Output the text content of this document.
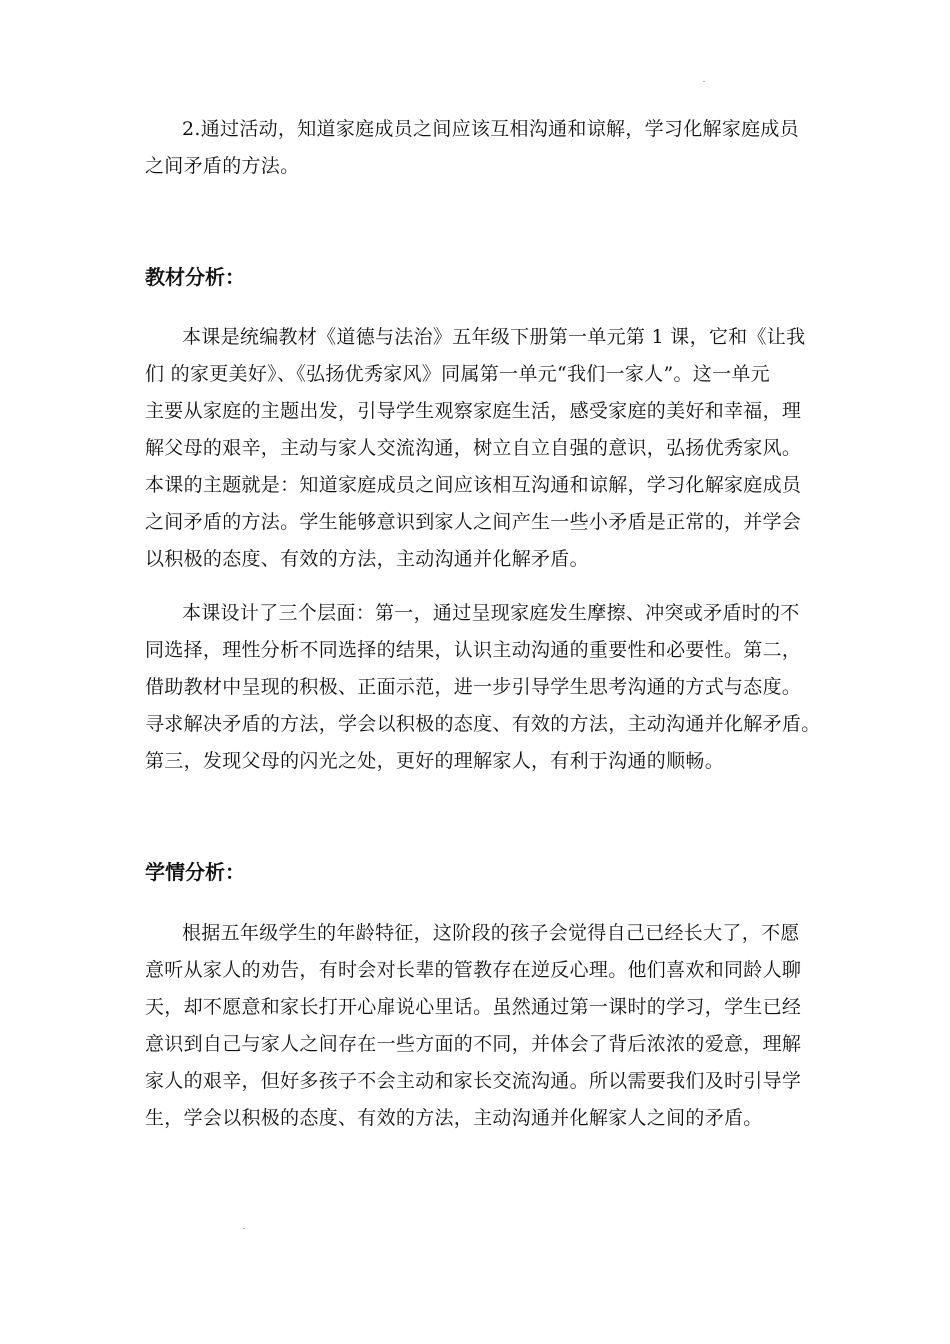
2.通过活动，知道家庭成员之间应该互相沟通和谅解，学习化解家庭成员
之间矛盾的方法。
教材分析：
本课是统编教材《道德与法治》五年级下册第一单元第 1 课，它和《让我
们 的家更美好》、《弘扬优秀家风》同属第一单元“我们一家人”。这一单元
主要从家庭的主题出发，引导学生观察家庭生活，感受家庭的美好和幸福，理
解父母的艰辛，主动与家人交流沟通，树立自立自强的意识，弘扬优秀家风。
本课的主题就是：知道家庭成员之间应该相互沟通和谅解，学习化解家庭成员
之间矛盾的方法。学生能够意识到家人之间产生一些小矛盾是正常的，并学会
以积极的态度、有效的方法，主动沟通并化解矛盾。
本课设计了三个层面：第一，通过呈现家庭发生摩擦、冲突或矛盾时的不
同选择，理性分析不同选择的结果，认识主动沟通的重要性和必要性。第二，
借助教材中呈现的积极、正面示范，进一步引导学生思考沟通的方式与态度。
寻求解决矛盾的方法，学会以积极的态度、有效的方法，主动沟通并化解矛盾。
第三，发现父母的闪光之处，更好的理解家人，有利于沟通的顺畅。
学情分析：
根据五年级学生的年龄特征，这阶段的孩子会觉得自己已经长大了，不愿
意听从家人的劝告，有时会对长辈的管教存在逆反心理。他们喜欢和同龄人聊
天，却不愿意和家长打开心扉说心里话。虽然通过第一课时的学习，学生已经
意识到自己与家人之间存在一些方面的不同，并体会了背后浓浓的爱意，理解
家人的艰辛，但好多孩子不会主动和家长交流沟通。所以需要我们及时引导学
生，学会以积极的态度、有效的方法，主动沟通并化解家人之间的矛盾。
